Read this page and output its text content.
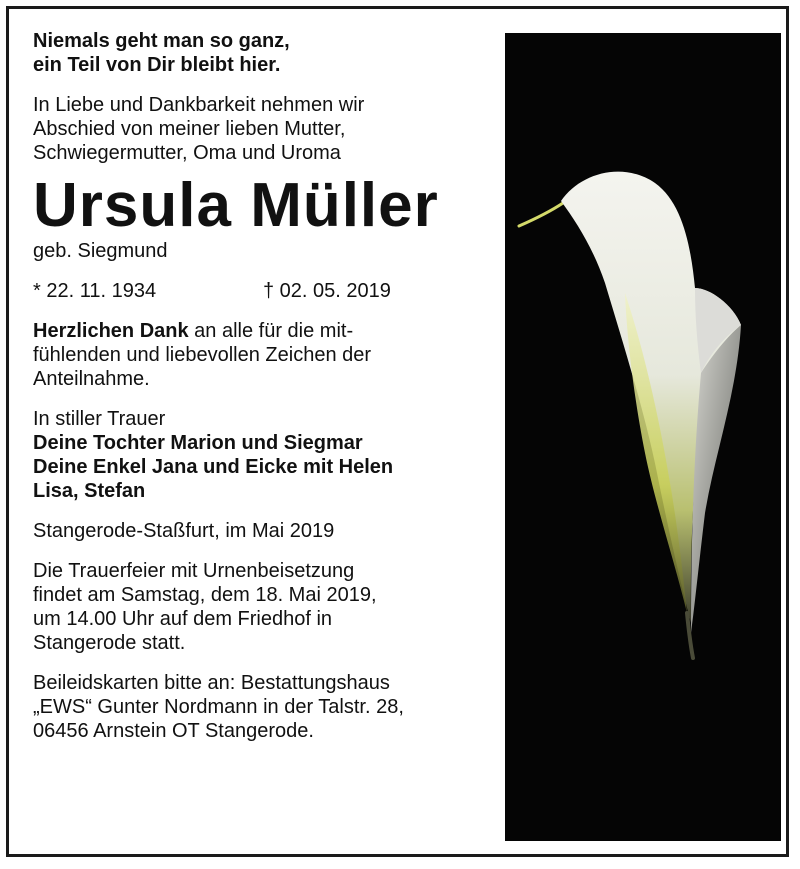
Niemals geht man so ganz,

ein Teil von Dir bleibt hier.

In Liebe und Dankbarkeit nehmen wir

Abschied von meiner lieben Mutter,

Schwiegermutter, Oma und Uroma

Ursula Müller

geb. Siegmund

* 22. 11. 1934	† 02. 05. 2019

Herzlichen Dank an alle für die mit-

fühlenden und liebevollen Zeichen der

Anteilnahme.

In stiller Trauer

Deine Tochter Marion und Siegmar

Deine Enkel Jana und Eicke mit Helen

Lisa, Stefan

Stangerode-Staßfurt, im Mai 2019

Die Trauerfeier mit Urnenbeisetzung

findet am Samstag, dem 18. Mai 2019,

um 14.00 Uhr auf dem Friedhof in

Stangerode statt.

Beileidskarten bitte an: Bestattungshaus

„EWS“ Gunter Nordmann in der Talstr. 28,

06456 Arnstein OT Stangerode.
